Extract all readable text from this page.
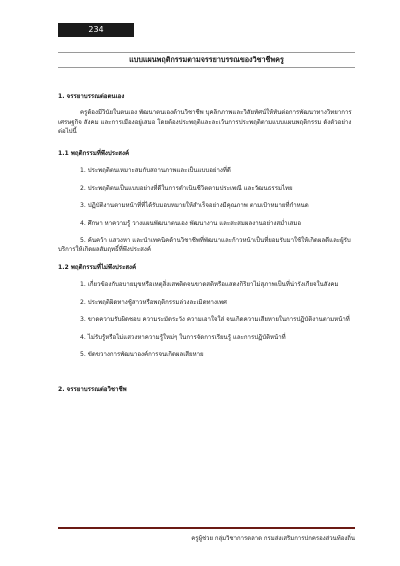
234
แบบแผนพฤติกรรมตามจรรยาบรรณของวิชาชีพครู

1. จรรยาบรรณต่อตนเอง

ครูต้องมีวินัยในตนเอง พัฒนาตนเองด้านวิชาชีพ บุคลิกภาพและวิสัยทัศน์ให้ทันต่อการพัฒนาทางวิทยาการ เศรษฐกิจ สังคม และการเมืองอยู่เสมอ โดยต้องประพฤติและละเว้นการประพฤติตามแบบแผนพฤติกรรม ดังตัวอย่างต่อไปนี้

1.1 พฤติกรรมที่พึงประสงค์

1. ประพฤติตนเหมาะสมกับสถานภาพและเป็นแบบอย่างที่ดี

2. ประพฤติตนเป็นแบบอย่างที่ดีในการดำเนินชีวิตตามประเพณี และวัฒนธรรมไทย

3. ปฏิบัติงานตามหน้าที่ที่ได้รับมอบหมายให้สำเร็จอย่างมีคุณภาพ ตามเป้าหมายที่กำหนด

4. ศึกษา หาความรู้ วางแผนพัฒนาตนเอง พัฒนางาน และสะสมผลงานอย่างสม่ำเสมอ

5. ค้นคว้า แสวงหา และนำเทคนิคด้านวิชาชีพที่พัฒนาและก้าวหน้าเป็นที่ยอมรับมาใช้ให้เกิดผลดีและผู้รับบริการให้เกิดผลสัมฤทธิ์ที่พึงประสงค์

1.2 พฤติกรรมที่ไม่พึงประสงค์

1. เกี่ยวข้องกับอบายมุขหรือเหตุสิ่งเสพติดจนขาดสติหรือแสดงกิริยาไม่สุภาพเป็นที่น่ารังเกียจในสังคม

2. ประพฤติผิดทางชู้สาวหรือพฤติกรรมล่วงละเมิดทางเพศ

3. ขาดความรับผิดชอบ ความระมัดระวัง ความเอาใจใส่ จนเกิดความเสียหายในการปฏิบัติงานตามหน้าที่

4. ไม่รับรู้หรือไม่แสวงหาความรู้ใหม่ๆ ในการจัดการเรียนรู้ และการปฏิบัติหน้าที่

5. ขัดขวางการพัฒนาองค์การจนเกิดผลเสียหาย

2. จรรยาบรรณต่อวิชาชีพ

ครูผู้ช่วย กลุ่มวิชาการตลาด กรมส่งเสริมการปกครองส่วนท้องถิ่น
